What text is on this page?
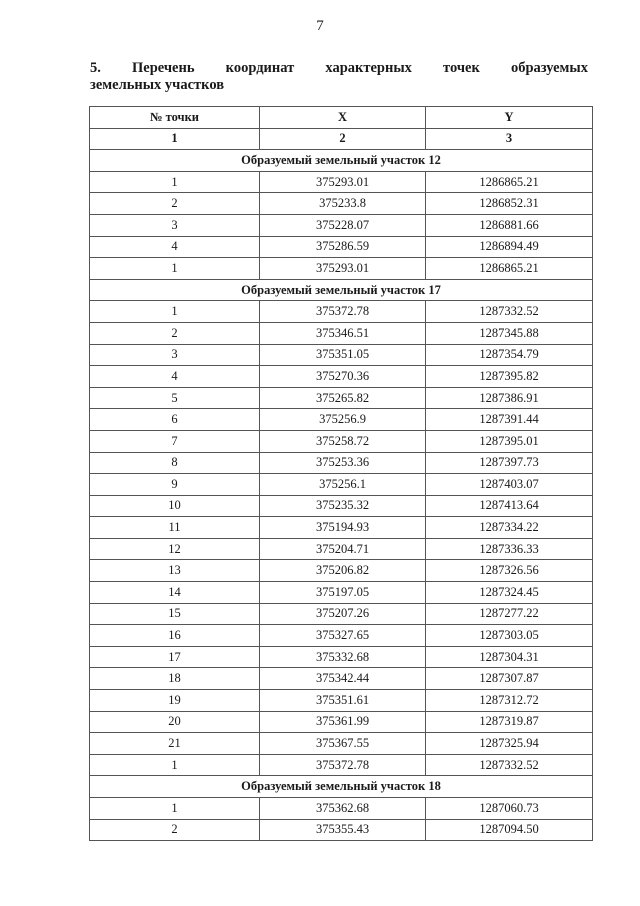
7
5.     Перечень     координат     характерных     точек     образуемых
земельных участков
№ точки	X	Y
1	2	3
Образуемый земельный участок 12		
1	375293.01	1286865.21
2	375233.8	1286852.31
3	375228.07	1286881.66
4	375286.59	1286894.49
1	375293.01	1286865.21
Образуемый земельный участок 17		
1	375372.78	1287332.52
2	375346.51	1287345.88
3	375351.05	1287354.79
4	375270.36	1287395.82
5	375265.82	1287386.91
6	375256.9	1287391.44
7	375258.72	1287395.01
8	375253.36	1287397.73
9	375256.1	1287403.07
10	375235.32	1287413.64
11	375194.93	1287334.22
12	375204.71	1287336.33
13	375206.82	1287326.56
14	375197.05	1287324.45
15	375207.26	1287277.22
16	375327.65	1287303.05
17	375332.68	1287304.31
18	375342.44	1287307.87
19	375351.61	1287312.72
20	375361.99	1287319.87
21	375367.55	1287325.94
1	375372.78	1287332.52
Образуемый земельный участок 18		
1	375362.68	1287060.73
2	375355.43	1287094.50
